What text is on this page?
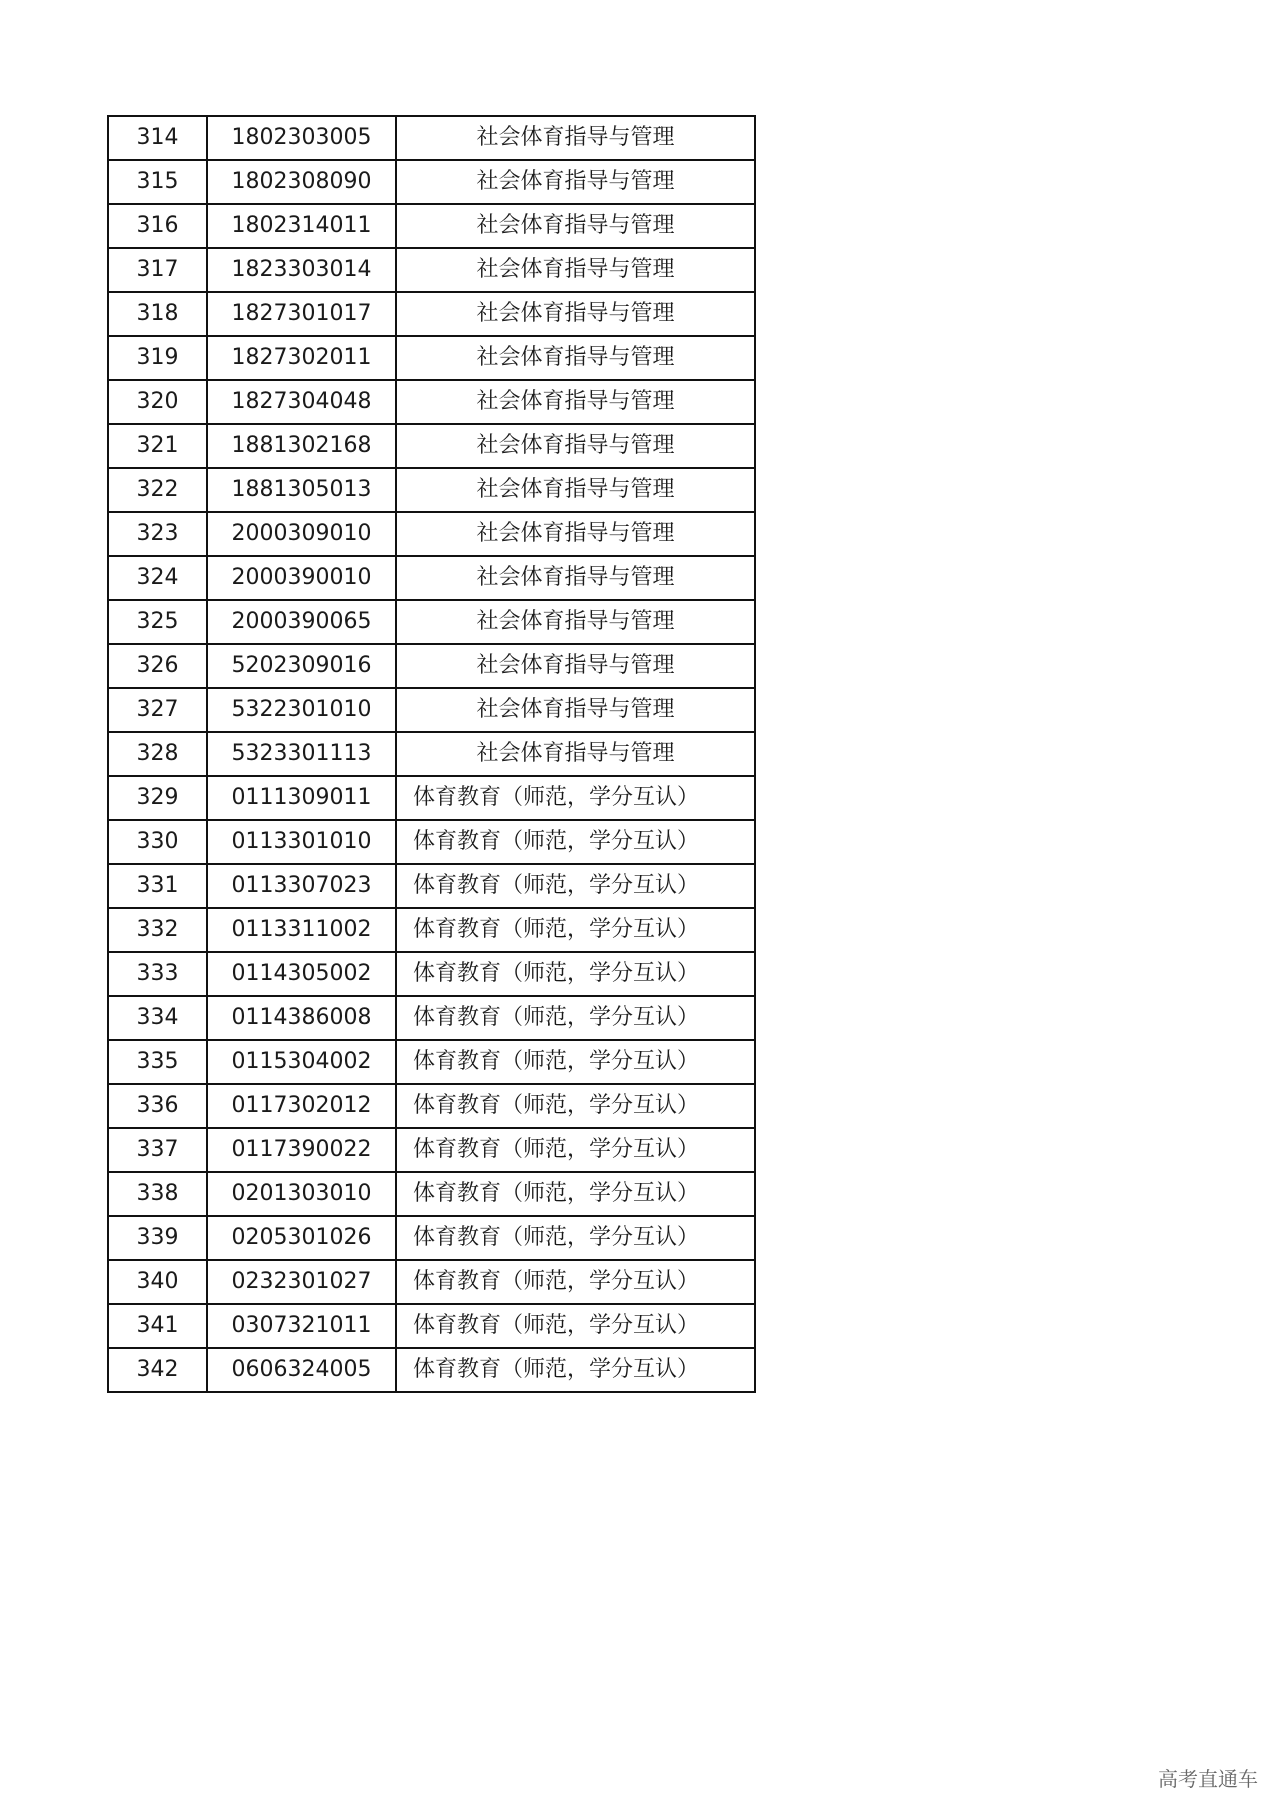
314	1802303005	社会体育指导与管理
315	1802308090	社会体育指导与管理
316	1802314011	社会体育指导与管理
317	1823303014	社会体育指导与管理
318	1827301017	社会体育指导与管理
319	1827302011	社会体育指导与管理
320	1827304048	社会体育指导与管理
321	1881302168	社会体育指导与管理
322	1881305013	社会体育指导与管理
323	2000309010	社会体育指导与管理
324	2000390010	社会体育指导与管理
325	2000390065	社会体育指导与管理
326	5202309016	社会体育指导与管理
327	5322301010	社会体育指导与管理
328	5323301113	社会体育指导与管理
329	0111309011	体育教育（师范，学分互认）
330	0113301010	体育教育（师范，学分互认）
331	0113307023	体育教育（师范，学分互认）
332	0113311002	体育教育（师范，学分互认）
333	0114305002	体育教育（师范，学分互认）
334	0114386008	体育教育（师范，学分互认）
335	0115304002	体育教育（师范，学分互认）
336	0117302012	体育教育（师范，学分互认）
337	0117390022	体育教育（师范，学分互认）
338	0201303010	体育教育（师范，学分互认）
339	0205301026	体育教育（师范，学分互认）
340	0232301027	体育教育（师范，学分互认）
341	0307321011	体育教育（师范，学分互认）
342	0606324005	体育教育（师范，学分互认）
高考直通车
